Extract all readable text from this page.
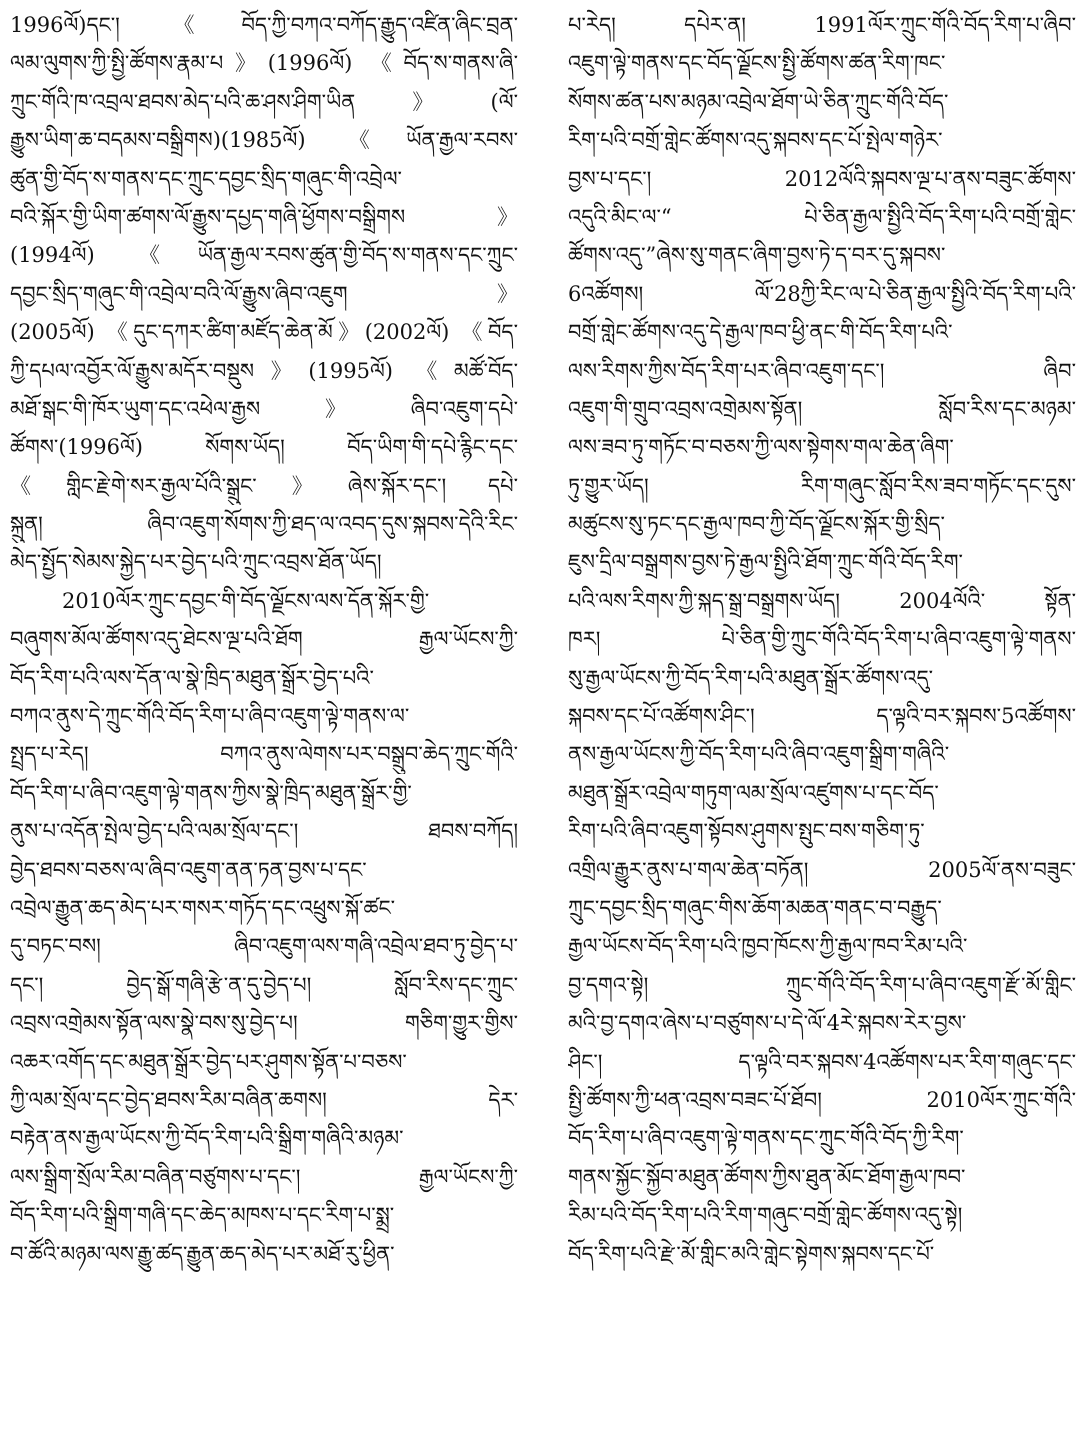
1996ལོ)དང་། 《བོད་ཀྱི་བཀའ་བཀོད་རྒྱུད་འཛིན་ཞིང་བྲན་
ལམ་ལུགས་ཀྱི་སྤྱི་ཚོགས་རྣམ་པ》(1996ལོ) 《བོད་ས་གནས་ཞི་
ཀྲུང་གོའི་ཁ་འབྲལ་ཐབས་མེད་པའི་ཆ་ཤས་ཤིག་ཡིན》(ལོ་
རྒྱུས་ཡིག་ཆ་བདམས་བསྒྲིགས)(1985ལོ) 《ཡོན་རྒྱལ་རབས་
ཚུན་གྱི་བོད་ས་གནས་དང་ཀྲུང་དབྱང་སྲིད་གཞུང་གི་འབྲེལ་
བའི་སྐོར་གྱི་ཡིག་ཚགས་ལོ་རྒྱུས་དཔྱད་གཞི་ཕྱོགས་བསྒྲིགས》
(1994ལོ) 《ཡོན་རྒྱལ་རབས་ཚུན་གྱི་བོད་ས་གནས་དང་ཀྲུང་
དབྱང་སྲིད་གཞུང་གི་འབྲེལ་བའི་ལོ་རྒྱུས་ཞིབ་འཇུག》
(2005ལོ) 《དུང་དཀར་ཚིག་མཛོད་ཆེན་མོ》(2002ལོ) 《བོད་
ཀྱི་དཔལ་འབྱོར་ལོ་རྒྱུས་མདོར་བསྡུས》(1995ལོ) 《མཚོ་བོད་
མཐོ་སྒང་གི་ཁོར་ཡུག་དང་འཕེལ་རྒྱས》ཞིབ་འཇུག་དཔེ་
ཚོགས་(1996ལོ) སོགས་ཡོད། བོད་ཡིག་གི་དཔེ་རྙིང་དང་
《གླིང་རྗེ་གེ་སར་རྒྱལ་པོའི་སྒྲུང་》ཞེས་སྐོར་དང་། དཔེ་
སྐྲུན། ཞིབ་འཇུག་སོགས་ཀྱི་ཐད་ལ་འབད་དུས་སྐབས་དེའི་རིང་
མེད་སྤྱོད་སེམས་སྐྱེད་པར་བྱེད་པའི་ཀྲུང་འབྲས་ཐོན་ཡོད།
2010ལོར་ཀྲུང་དབྱང་གི་བོད་ལྗོངས་ལས་དོན་སྐོར་གྱི་
བཞུགས་མོལ་ཚོགས་འདུ་ཐེངས་ལྔ་པའི་ཐོག རྒྱལ་ཡོངས་ཀྱི་
བོད་རིག་པའི་ལས་དོན་ལ་སྣེ་ཁྲིད་མཐུན་སྒྲོར་བྱེད་པའི་
བཀའ་ནུས་དེ་ཀྲུང་གོའི་བོད་རིག་པ་ཞིབ་འཇུག་ལྟེ་གནས་ལ་
སྤྲད་པ་རེད། བཀའ་ནུས་ལེགས་པར་བསྒྲུབ་ཆེད་ཀྲུང་གོའི་
བོད་རིག་པ་ཞིབ་འཇུག་ལྟེ་གནས་ཀྱིས་སྣེ་ཁྲིད་མཐུན་སྒྲོར་གྱི་
ནུས་པ་འདོན་སྤེལ་བྱེད་པའི་ལམ་སྲོལ་དང་། ཐབས་བཀོད།
བྱེད་ཐབས་བཅས་ལ་ཞིབ་འཇུག་ནན་ཏན་བྱས་པ་དང་
འབྲེལ་རྒྱུན་ཆད་མེད་པར་གསར་གཏོད་དང་འཕྲུས་སྐོ་ཚང་
དུ་བཏང་བས། ཞིབ་འཇུག་ལས་གཞི་འབྲེལ་ཐབ་ཏུ་བྱེད་པ་
དང་། བྱེད་སྒོ་གཞི་རྩེ་ན་དུ་བྱེད་པ། སློབ་རིས་དང་ཀྲུང་
འབྲས་འགྲེམས་སྟོན་ལས་སྣེ་བས་སུ་བྱེད་པ། གཅིག་གྱུར་གྱིས་
འཆར་འགོད་དང་མཐུན་སྒྲོར་བྱེད་པར་ཤུགས་སྟོན་པ་བཅས་
ཀྱི་ལམ་སྲོལ་དང་བྱེད་ཐབས་རིམ་བཞིན་ཆགས། དེར་
བརྟེན་ནས་རྒྱལ་ཡོངས་ཀྱི་བོད་རིག་པའི་སྒྲིག་གཞིའི་མཉམ་
ལས་སྒྲིག་སྲོལ་རིམ་བཞིན་བཙུགས་པ་དང་། རྒྱལ་ཡོངས་ཀྱི་
བོད་རིག་པའི་སྒྲིག་གཞི་དང་ཆེད་མཁས་པ་དང་རིག་པ་སྨྲ་
བ་ཚོའི་མཉམ་ལས་རྒྱུ་ཚད་རྒྱུན་ཆད་མེད་པར་མཐོ་རུ་ཕྱིན་
པ་རེད། དཔེར་ན། 1991ལོར་ཀྲུང་གོའི་བོད་རིག་པ་ཞིབ་
འཇུག་ལྟེ་གནས་དང་བོད་ལྗོངས་སྤྱི་ཚོགས་ཚན་རིག་ཁང་
སོགས་ཚན་པས་མཉམ་འབྲེལ་ཐོག་ཡེ་ཅིན་ཀྲུང་གོའི་བོད་
རིག་པའི་བགྲོ་གླེང་ཚོགས་འདུ་སྐབས་དང་པོ་སྤེལ་གཉེར་
བྱས་པ་དང་། 2012ལོའི་སྐབས་ལྔ་པ་ནས་བཟུང་ཚོགས་
འདུའི་མིང་ལ་“ པེ་ཅིན་རྒྱལ་སྤྱིའི་བོད་རིག་པའི་བགྲོ་གླེང་
ཚོགས་འདུ་”ཞེས་སུ་གནང་ཞིག་བྱས་ཏེ་ད་བར་དུ་སྐབས་
6འཚོགས། ལོ་28ཀྱི་རིང་ལ་པེ་ཅིན་རྒྱལ་སྤྱིའི་བོད་རིག་པའི་
བགྲོ་གླེང་ཚོགས་འདུ་དེ་རྒྱལ་ཁབ་ཕྱི་ནང་གི་བོད་རིག་པའི་
ལས་རིགས་ཀྱིས་བོད་རིག་པར་ཞིབ་འཇུག་དང་། ཞིབ་
འཇུག་གི་གྲུབ་འབྲས་འགྲེམས་སྟོན། སློབ་རིས་དང་མཉམ་
ལས་ཟབ་ཏུ་གཏོང་བ་བཅས་ཀྱི་ལས་སྟེགས་གལ་ཆེན་ཞིག་
ཏུ་གྱུར་ཡོད། རིག་གཞུང་སློབ་རིས་ཟབ་གཏོང་དང་དུས་
མཚུངས་སུ་ཏང་དང་རྒྱལ་ཁབ་ཀྱི་བོད་ལྗོངས་སྐོར་གྱི་སྲིད་
ཇུས་དྲིལ་བསྒྲགས་བྱས་ཏེ་རྒྱལ་སྤྱིའི་ཐོག་ཀྲུང་གོའི་བོད་རིག་
པའི་ལས་རིགས་ཀྱི་སྐད་སྒྲ་བསྒྲགས་ཡོད། 2004ལོའི་ སྟོན་
ཁར། པེ་ཅིན་གྱི་ཀྲུང་གོའི་བོད་རིག་པ་ཞིབ་འཇུག་ལྟེ་གནས་
སུ་རྒྱལ་ཡོངས་ཀྱི་བོད་རིག་པའི་མཐུན་སྒྲོར་ཚོགས་འདུ་
སྐབས་དང་པོ་འཚོགས་ཤིང་། ད་ལྟའི་བར་སྐབས་5འཚོགས་
ནས་རྒྱལ་ཡོངས་ཀྱི་བོད་རིག་པའི་ཞིབ་འཇུག་སྒྲིག་གཞིའི་
མཐུན་སྒྲོར་འབྲེལ་གཏུག་ལམ་སྲོལ་འཛུགས་པ་དང་བོད་
རིག་པའི་ཞིབ་འཇུག་སྟོབས་ཤུགས་སྤུང་བས་གཅིག་ཏུ་
འགྲིལ་རྒྱུར་ནུས་པ་གལ་ཆེན་བཏོན། 2005ལོ་ནས་བཟུང་
ཀྲུང་དབྱང་སྲིད་གཞུང་གིས་ཆོག་མཆན་གནང་བ་བརྒྱུད་
རྒྱལ་ཡོངས་བོད་རིག་པའི་ཁྱབ་ཁོངས་ཀྱི་རྒྱལ་ཁབ་རིམ་པའི་
བྱ་དགའ་སྟེ། ཀྲུང་གོའི་བོད་རིག་པ་ཞིབ་འཇུག་རྫོ་མོ་གླིང་
མའི་བྱ་དགའ་ཞེས་པ་བཙུགས་པ་དེ་ལོ་4རེ་སྐབས་རེར་བྱས་
ཤིང་། ད་ལྟའི་བར་སྐབས་4འཚོགས་པར་རིག་གཞུང་དང་
སྤྱི་ཚོགས་ཀྱི་ཕན་འབྲས་བཟང་པོ་ཐོབ། 2010ལོར་ཀྲུང་གོའི་
བོད་རིག་པ་ཞིབ་འཇུག་ལྟེ་གནས་དང་ཀྲུང་གོའི་བོད་ཀྱི་རིག་
གནས་སྐྱོང་སྐྱོབ་མཐུན་ཚོགས་ཀྱིས་ཐུན་མོང་ཐོག་རྒྱལ་ཁབ་
རིམ་པའི་བོད་རིག་པའི་རིག་གཞུང་བགྲོ་གླེང་ཚོགས་འདུ་སྟེ།
བོད་རིག་པའི་རྫེ་མོ་གླིང་མའི་གླེང་སྟེགས་སྐབས་དང་པོ་
